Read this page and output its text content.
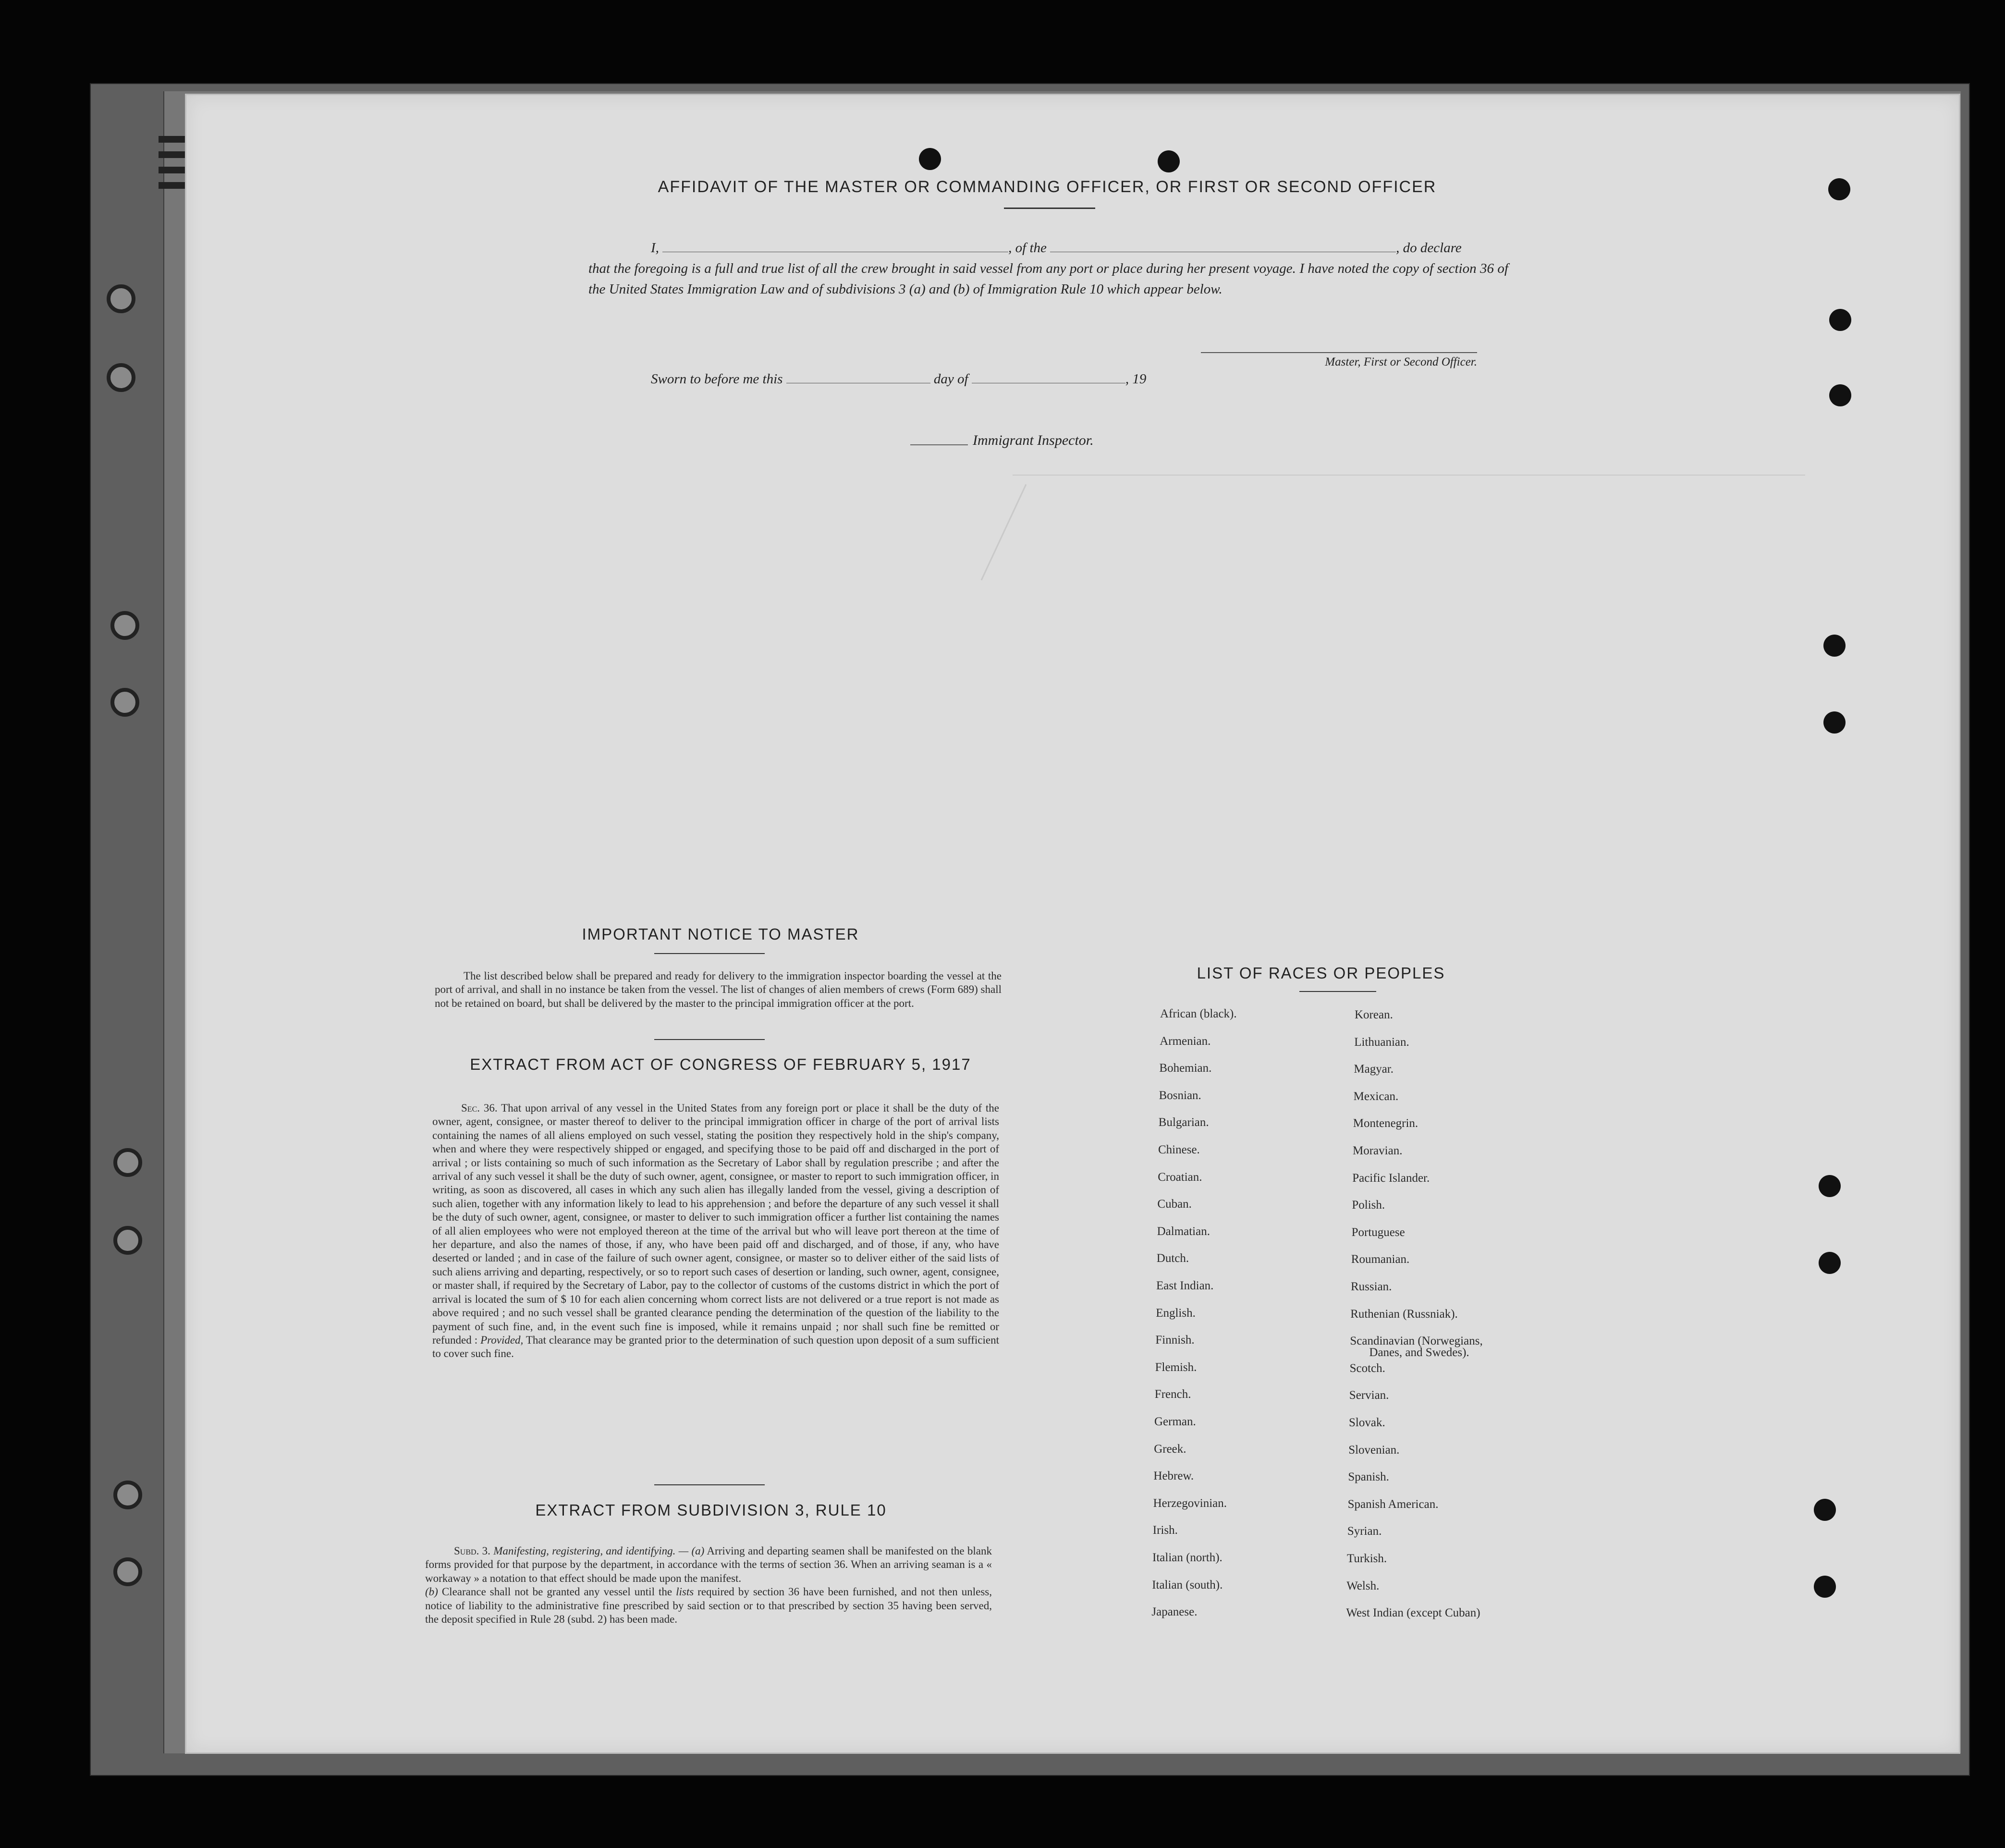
AFFIDAVIT OF THE MASTER OR COMMANDING OFFICER, OR FIRST OR SECOND OFFICER
I,	, of the	, do declare
that the foregoing is a full and true list of all the crew brought in said vessel from any port or place during her present voyage. I have noted the copy of section 36 of the United States Immigration Law and of subdivisions 3 (a) and (b) of Immigration Rule 10 which appear below.
Master, First or Second Officer.
Sworn to before me this	day of	, 19
Immigrant Inspector.
IMPORTANT NOTICE TO MASTER
The list described below shall be prepared and ready for delivery to the immigration inspector boarding the vessel at the port of arrival, and shall in no instance be taken from the vessel. The list of changes of alien members of crews (Form 689) shall not be retained on board, but shall be delivered by the master to the principal immigration officer at the port.
EXTRACT FROM ACT OF CONGRESS OF FEBRUARY 5, 1917
Sec. 36. That upon arrival of any vessel in the United States from any foreign port or place it shall be the duty of the owner, agent, consignee, or master thereof to deliver to the principal immigration officer in charge of the port of arrival lists containing the names of all aliens employed on such vessel, stating the position they respectively hold in the ship's company, when and where they were respectively shipped or engaged, and specifying those to be paid off and discharged in the port of arrival ; or lists containing so much of such information as the Secretary of Labor shall by regulation prescribe ; and after the arrival of any such vessel it shall be the duty of such owner, agent, consignee, or master to report to such immigration officer, in writing, as soon as discovered, all cases in which any such alien has illegally landed from the vessel, giving a description of such alien, together with any information likely to lead to his apprehension ; and before the departure of any such vessel it shall be the duty of such owner, agent, consignee, or master to deliver to such immigration officer a further list containing the names of all alien employees who were not employed thereon at the time of the arrival but who will leave port thereon at the time of her departure, and also the names of those, if any, who have been paid off and discharged, and of those, if any, who have deserted or landed ; and in case of the failure of such owner agent, consignee, or master so to deliver either of the said lists of such aliens arriving and departing, respectively, or so to report such cases of desertion or landing, such owner, agent, consignee, or master shall, if required by the Secretary of Labor, pay to the collector of customs of the customs district in which the port of arrival is located the sum of $ 10 for each alien concerning whom correct lists are not delivered or a true report is not made as above required ; and no such vessel shall be granted clearance pending the determination of the question of the liability to the payment of such fine, and, in the event such fine is imposed, while it remains unpaid ; nor shall such fine be remitted or refunded : Provided, That clearance may be granted prior to the determination of such question upon deposit of a sum sufficient to cover such fine.
EXTRACT FROM SUBDIVISION 3, RULE 10
Subd. 3. Manifesting, registering, and identifying. — (a) Arriving and departing seamen shall be manifested on the blank forms provided for that purpose by the department, in accordance with the terms of section 36. When an arriving seaman is a « workaway » a notation to that effect should be made upon the manifest.
(b) Clearance shall not be granted any vessel until the lists required by section 36 have been furnished, and not then unless, notice of liability to the administrative fine prescribed by said section or to that prescribed by section 35 having been served, the deposit specified in Rule 28 (subd. 2) has been made.
LIST OF RACES OR PEOPLES
African (black).
Armenian.
Bohemian.
Bosnian.
Bulgarian.
Chinese.
Croatian.
Cuban.
Dalmatian.
Dutch.
East Indian.
English.
Finnish.
Flemish.
French.
German.
Greek.
Hebrew.
Herzegovinian.
Irish.
Italian (north).
Italian (south).
Japanese.
Korean.
Lithuanian.
Magyar.
Mexican.
Montenegrin.
Moravian.
Pacific Islander.
Polish.
Portuguese
Roumanian.
Russian.
Ruthenian (Russniak).
Scandinavian (Norwegians,
Danes, and Swedes).
Scotch.
Servian.
Slovak.
Slovenian.
Spanish.
Spanish American.
Syrian.
Turkish.
Welsh.
West Indian (except Cuban)
